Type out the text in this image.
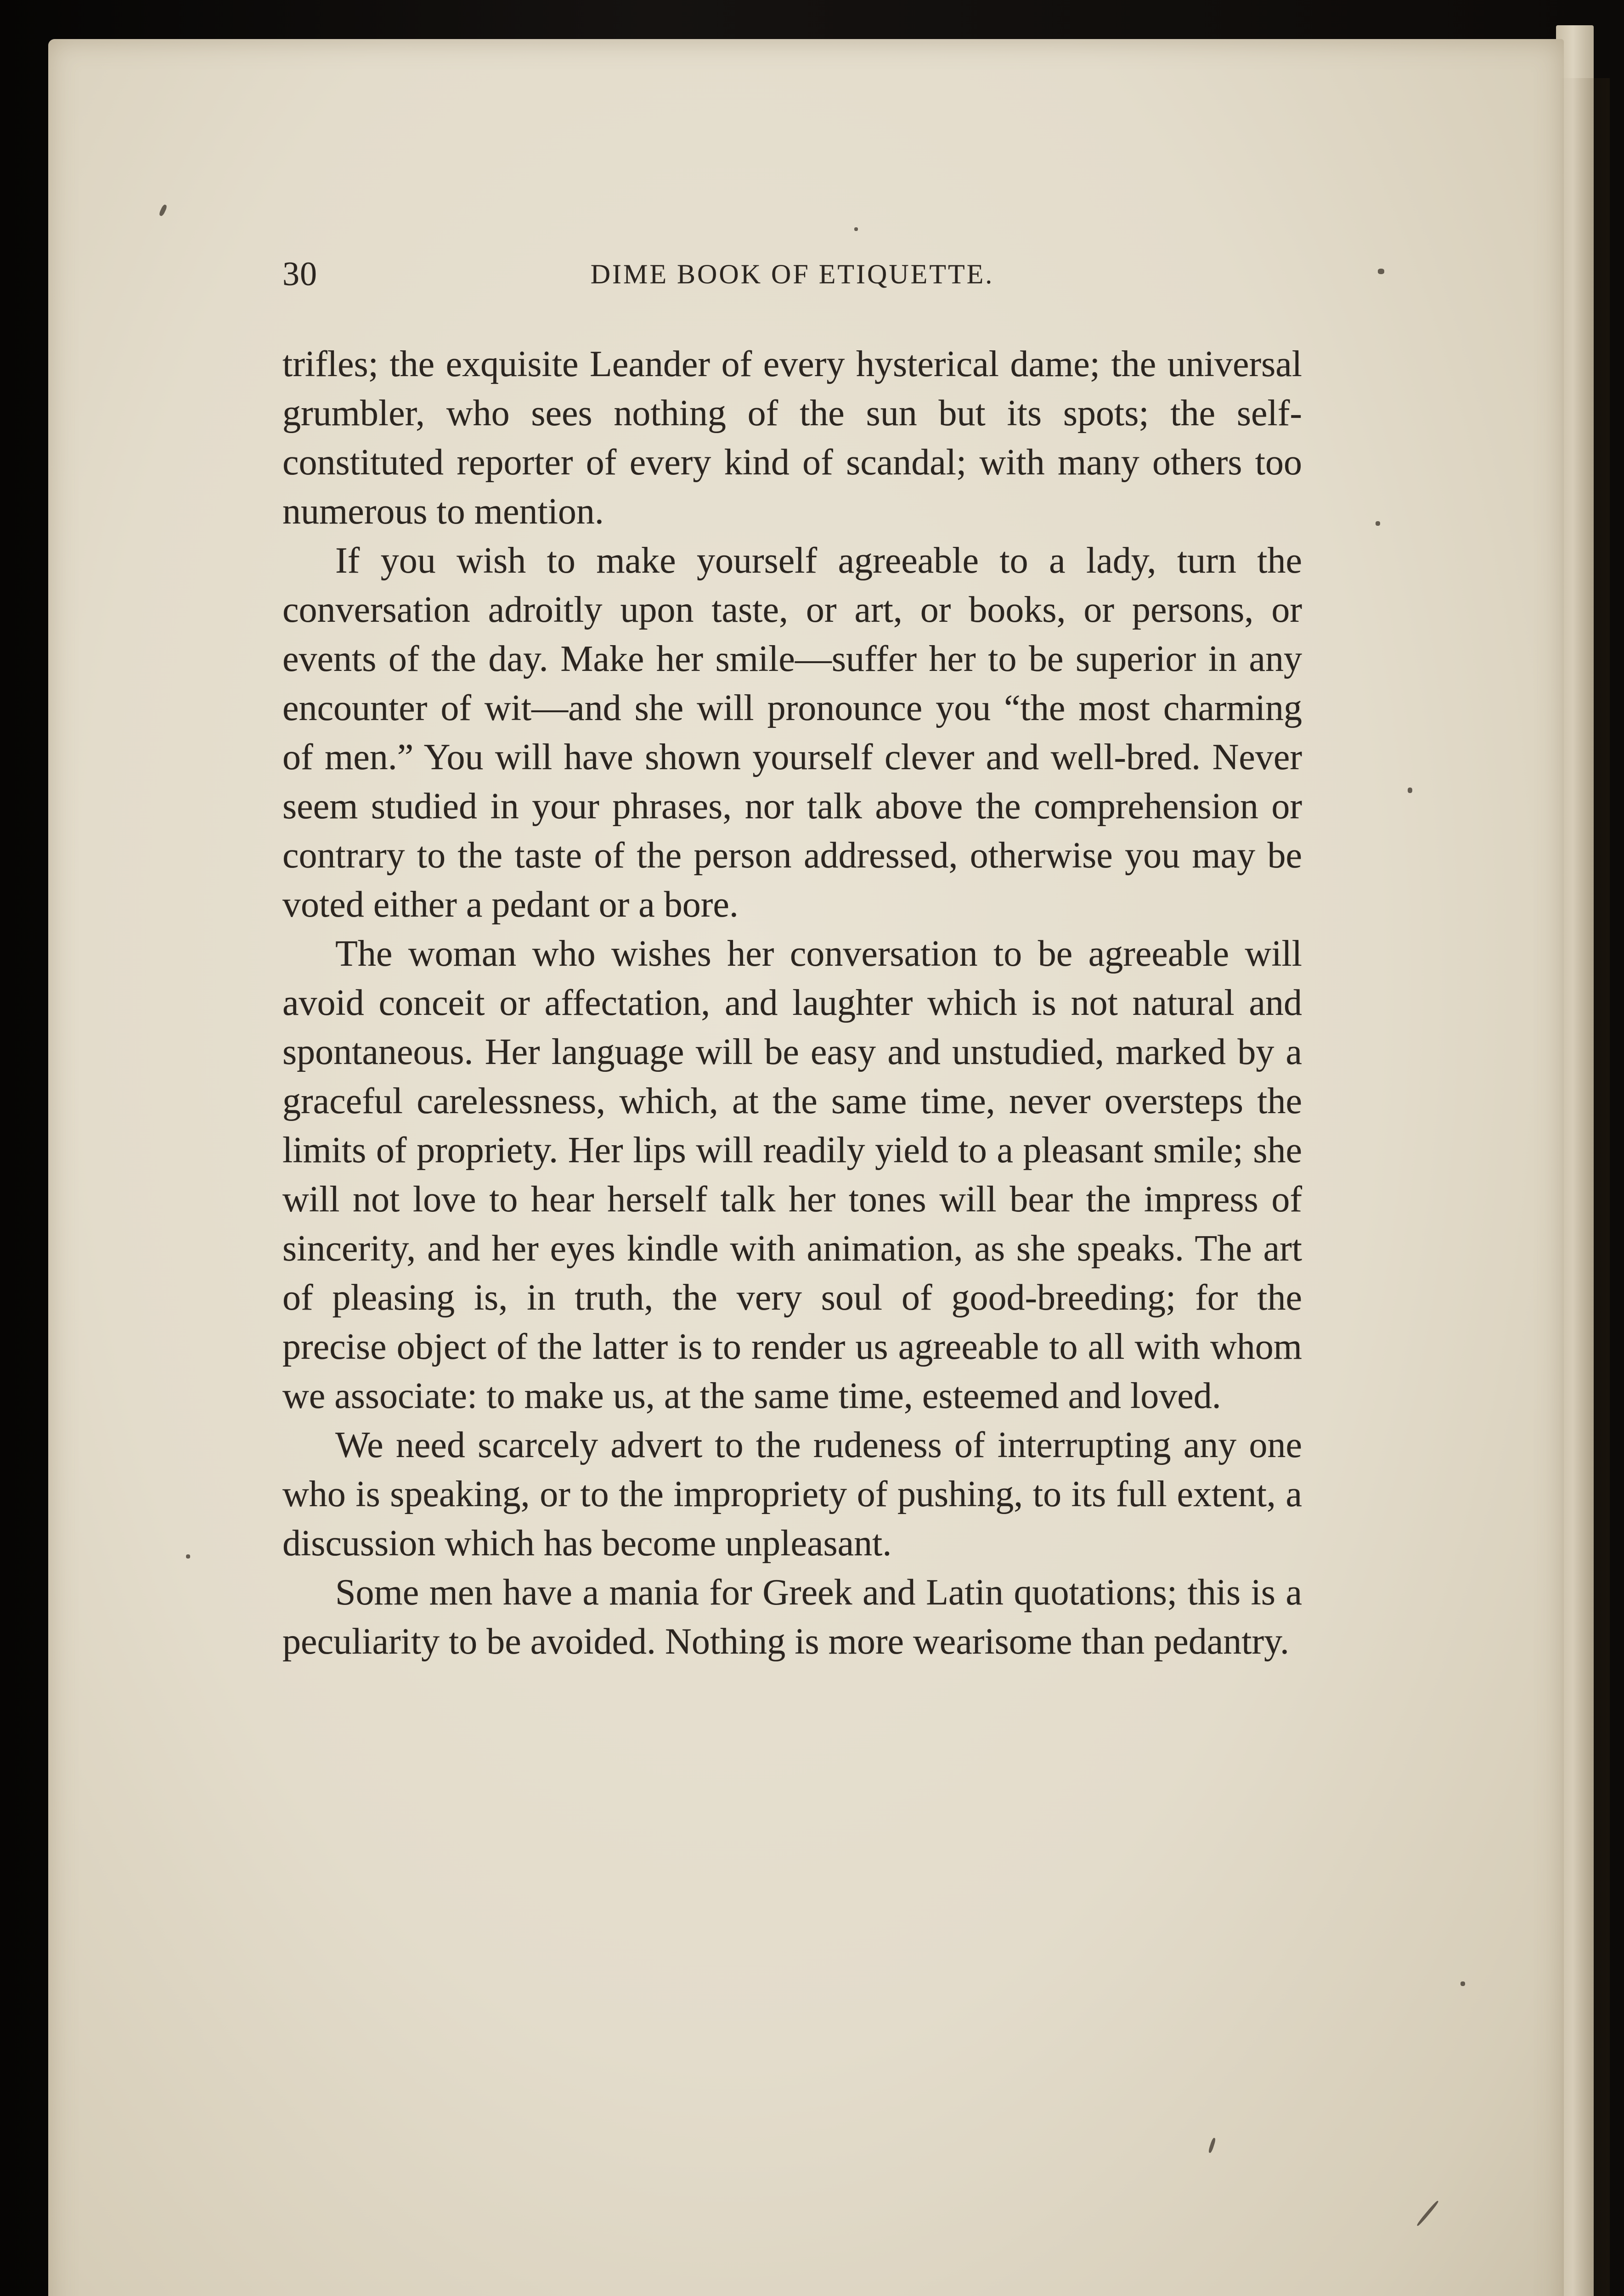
30	DIME BOOK OF ETIQUETTE.

trifles; the exquisite Leander of every hysterical dame; the universal grumbler, who sees nothing of the sun but its spots; the self-constituted reporter of every kind of scandal; with many others too numerous to mention.

If you wish to make yourself agreeable to a lady, turn the conversation adroitly upon taste, or art, or books, or persons, or events of the day. Make her smile—suffer her to be superior in any encounter of wit—and she will pronounce you “the most charming of men.” You will have shown yourself clever and well-bred. Never seem studied in your phrases, nor talk above the comprehension or contrary to the taste of the person addressed, otherwise you may be voted either a pedant or a bore.

The woman who wishes her conversation to be agreeable will avoid conceit or affectation, and laughter which is not natural and spontaneous. Her language will be easy and unstudied, marked by a graceful carelessness, which, at the same time, never oversteps the limits of propriety. Her lips will readily yield to a pleasant smile; she will not love to hear herself talk her tones will bear the impress of sincerity, and her eyes kindle with animation, as she speaks. The art of pleasing is, in truth, the very soul of good-breeding; for the precise object of the latter is to render us agreeable to all with whom we associate: to make us, at the same time, esteemed and loved.

We need scarcely advert to the rudeness of interrupting any one who is speaking, or to the impropriety of pushing, to its full extent, a discussion which has become unpleasant.

Some men have a mania for Greek and Latin quotations; this is a peculiarity to be avoided. Nothing is more wearisome than pedantry.
